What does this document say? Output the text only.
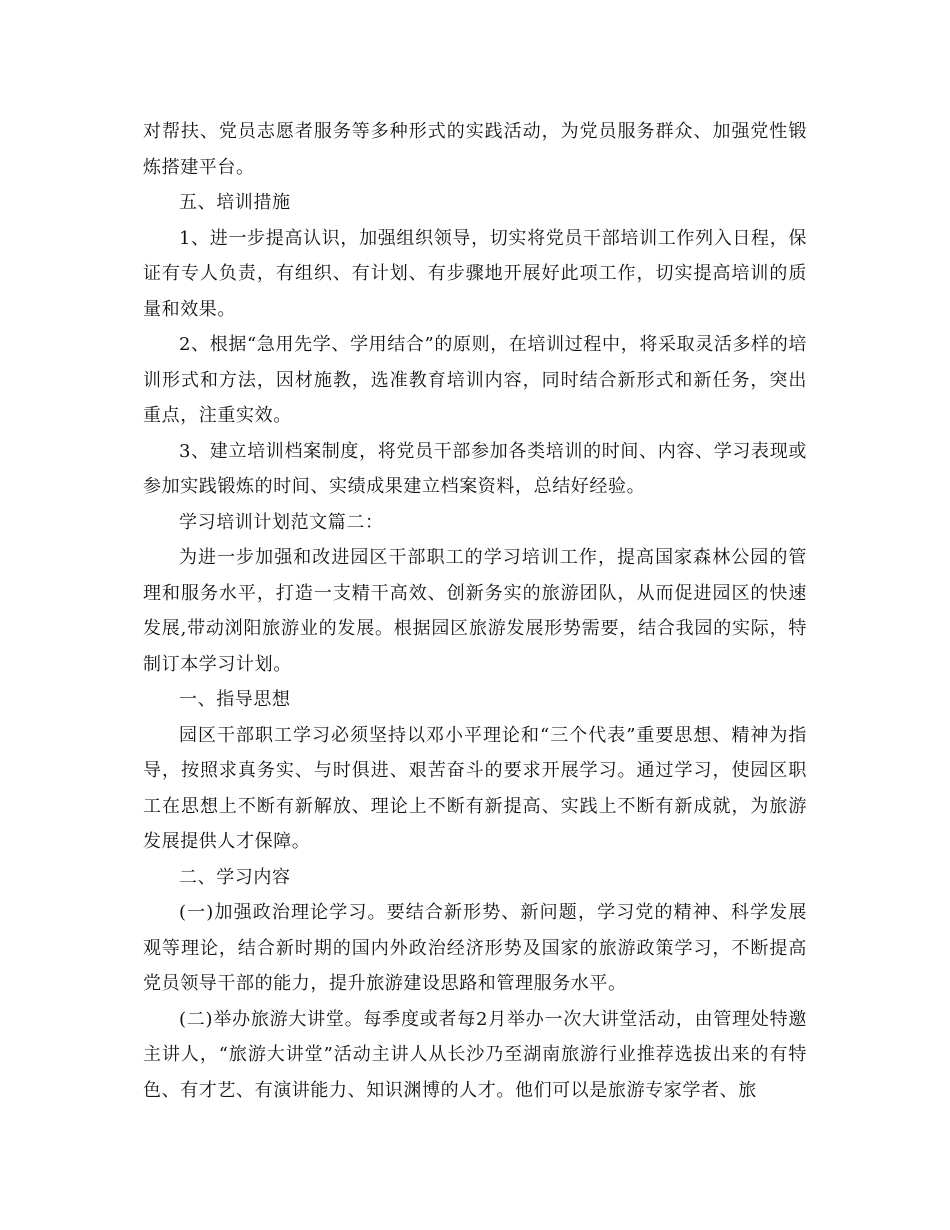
对帮扶、党员志愿者服务等多种形式的实践活动，为党员服务群众、加强党性锻炼搭建平台。

五、培训措施

1、进一步提高认识，加强组织领导，切实将党员干部培训工作列入日程，保证有专人负责，有组织、有计划、有步骤地开展好此项工作，切实提高培训的质量和效果。

2、根据“急用先学、学用结合”的原则，在培训过程中，将采取灵活多样的培训形式和方法，因材施教，选准教育培训内容，同时结合新形式和新任务，突出重点，注重实效。

3、建立培训档案制度，将党员干部参加各类培训的时间、内容、学习表现或参加实践锻炼的时间、实绩成果建立档案资料，总结好经验。

学习培训计划范文篇二：

为进一步加强和改进园区干部职工的学习培训工作，提高国家森林公园的管理和服务水平，打造一支精干高效、创新务实的旅游团队，从而促进园区的快速发展,带动浏阳旅游业的发展。根据园区旅游发展形势需要，结合我园的实际，特制订本学习计划。

一、指导思想

园区干部职工学习必须坚持以邓小平理论和“三个代表”重要思想、精神为指导，按照求真务实、与时俱进、艰苦奋斗的要求开展学习。通过学习，使园区职工在思想上不断有新解放、理论上不断有新提高、实践上不断有新成就，为旅游发展提供人才保障。

二、学习内容

(一)加强政治理论学习。要结合新形势、新问题，学习党的精神、科学发展观等理论，结合新时期的国内外政治经济形势及国家的旅游政策学习，不断提高党员领导干部的能力，提升旅游建设思路和管理服务水平。

(二)举办旅游大讲堂。每季度或者每2月举办一次大讲堂活动，由管理处特邀主讲人，“旅游大讲堂”活动主讲人从长沙乃至湖南旅游行业推荐选拔出来的有特色、有才艺、有演讲能力、知识渊博的人才。他们可以是旅游专家学者、旅
